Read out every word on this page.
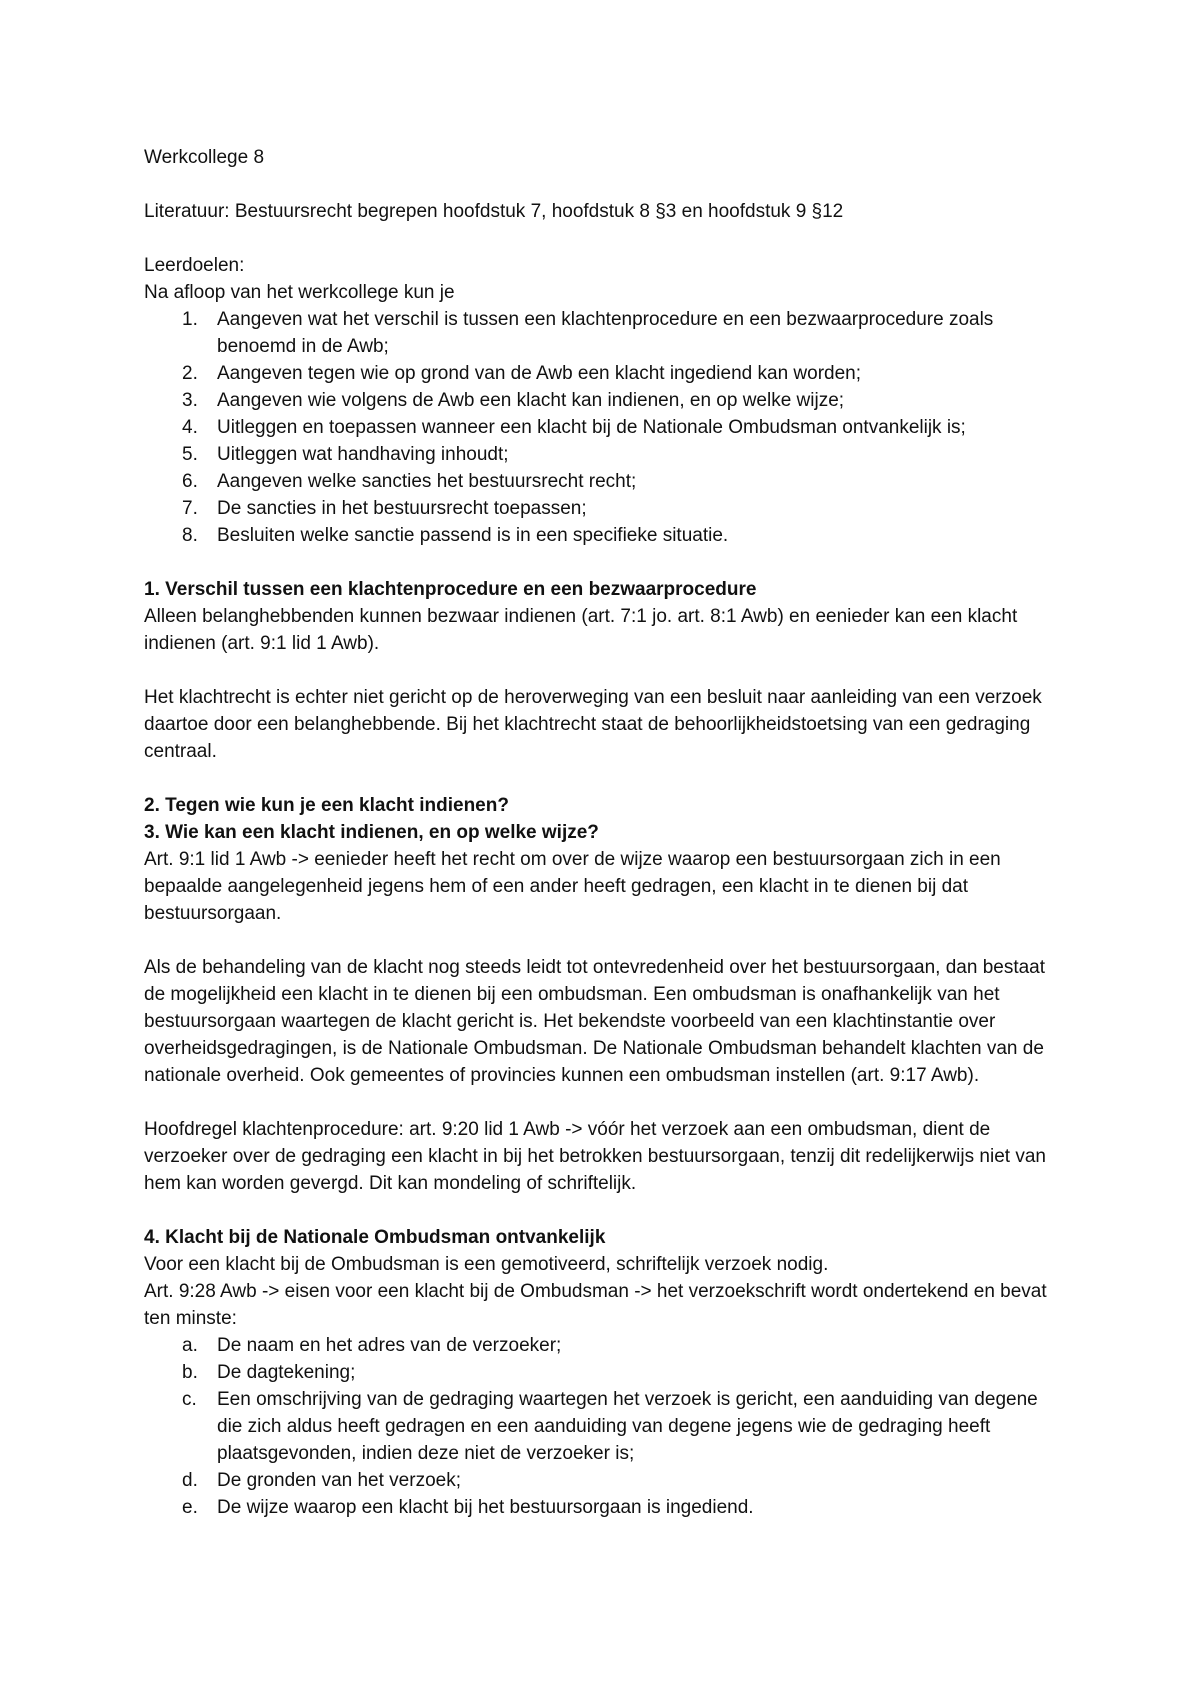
Werkcollege 8

Literatuur: Bestuursrecht begrepen hoofdstuk 7, hoofdstuk 8 §3 en hoofdstuk 9 §12

Leerdoelen:

Na afloop van het werkcollege kun je

1.	Aangeven wat het verschil is tussen een klachtenprocedure en een bezwaarprocedure zoals benoemd in de Awb;
2.	Aangeven tegen wie op grond van de Awb een klacht ingediend kan worden;
3.	Aangeven wie volgens de Awb een klacht kan indienen, en op welke wijze;
4.	Uitleggen en toepassen wanneer een klacht bij de Nationale Ombudsman ontvankelijk is;
5.	Uitleggen wat handhaving inhoudt;
6.	Aangeven welke sancties het bestuursrecht recht;
7.	De sancties in het bestuursrecht toepassen;
8.	Besluiten welke sanctie passend is in een specifieke situatie.

1. Verschil tussen een klachtenprocedure en een bezwaarprocedure

Alleen belanghebbenden kunnen bezwaar indienen (art. 7:1 jo. art. 8:1 Awb) en eenieder kan een klacht indienen (art. 9:1 lid 1 Awb).

Het klachtrecht is echter niet gericht op de heroverweging van een besluit naar aanleiding van een verzoek daartoe door een belanghebbende. Bij het klachtrecht staat de behoorlijkheidstoetsing van een gedraging centraal.

2. Tegen wie kun je een klacht indienen?

3. Wie kan een klacht indienen, en op welke wijze?

Art. 9:1 lid 1 Awb -> eenieder heeft het recht om over de wijze waarop een bestuursorgaan zich in een bepaalde aangelegenheid jegens hem of een ander heeft gedragen, een klacht in te dienen bij dat bestuursorgaan.

Als de behandeling van de klacht nog steeds leidt tot ontevredenheid over het bestuursorgaan, dan bestaat de mogelijkheid een klacht in te dienen bij een ombudsman. Een ombudsman is onafhankelijk van het bestuursorgaan waartegen de klacht gericht is. Het bekendste voorbeeld van een klachtinstantie over overheidsgedragingen, is de Nationale Ombudsman. De Nationale Ombudsman behandelt klachten van de nationale overheid. Ook gemeentes of provincies kunnen een ombudsman instellen (art. 9:17 Awb).

Hoofdregel klachtenprocedure: art. 9:20 lid 1 Awb -> vóór het verzoek aan een ombudsman, dient de verzoeker over de gedraging een klacht in bij het betrokken bestuursorgaan, tenzij dit redelijkerwijs niet van hem kan worden gevergd. Dit kan mondeling of schriftelijk.

4. Klacht bij de Nationale Ombudsman ontvankelijk

Voor een klacht bij de Ombudsman is een gemotiveerd, schriftelijk verzoek nodig.

Art. 9:28 Awb -> eisen voor een klacht bij de Ombudsman -> het verzoekschrift wordt ondertekend en bevat ten minste:

a.	De naam en het adres van de verzoeker;
b.	De dagtekening;
c.	Een omschrijving van de gedraging waartegen het verzoek is gericht, een aanduiding van degene die zich aldus heeft gedragen en een aanduiding van degene jegens wie de gedraging heeft plaatsgevonden, indien deze niet de verzoeker is;
d.	De gronden van het verzoek;
e.	De wijze waarop een klacht bij het bestuursorgaan is ingediend.
